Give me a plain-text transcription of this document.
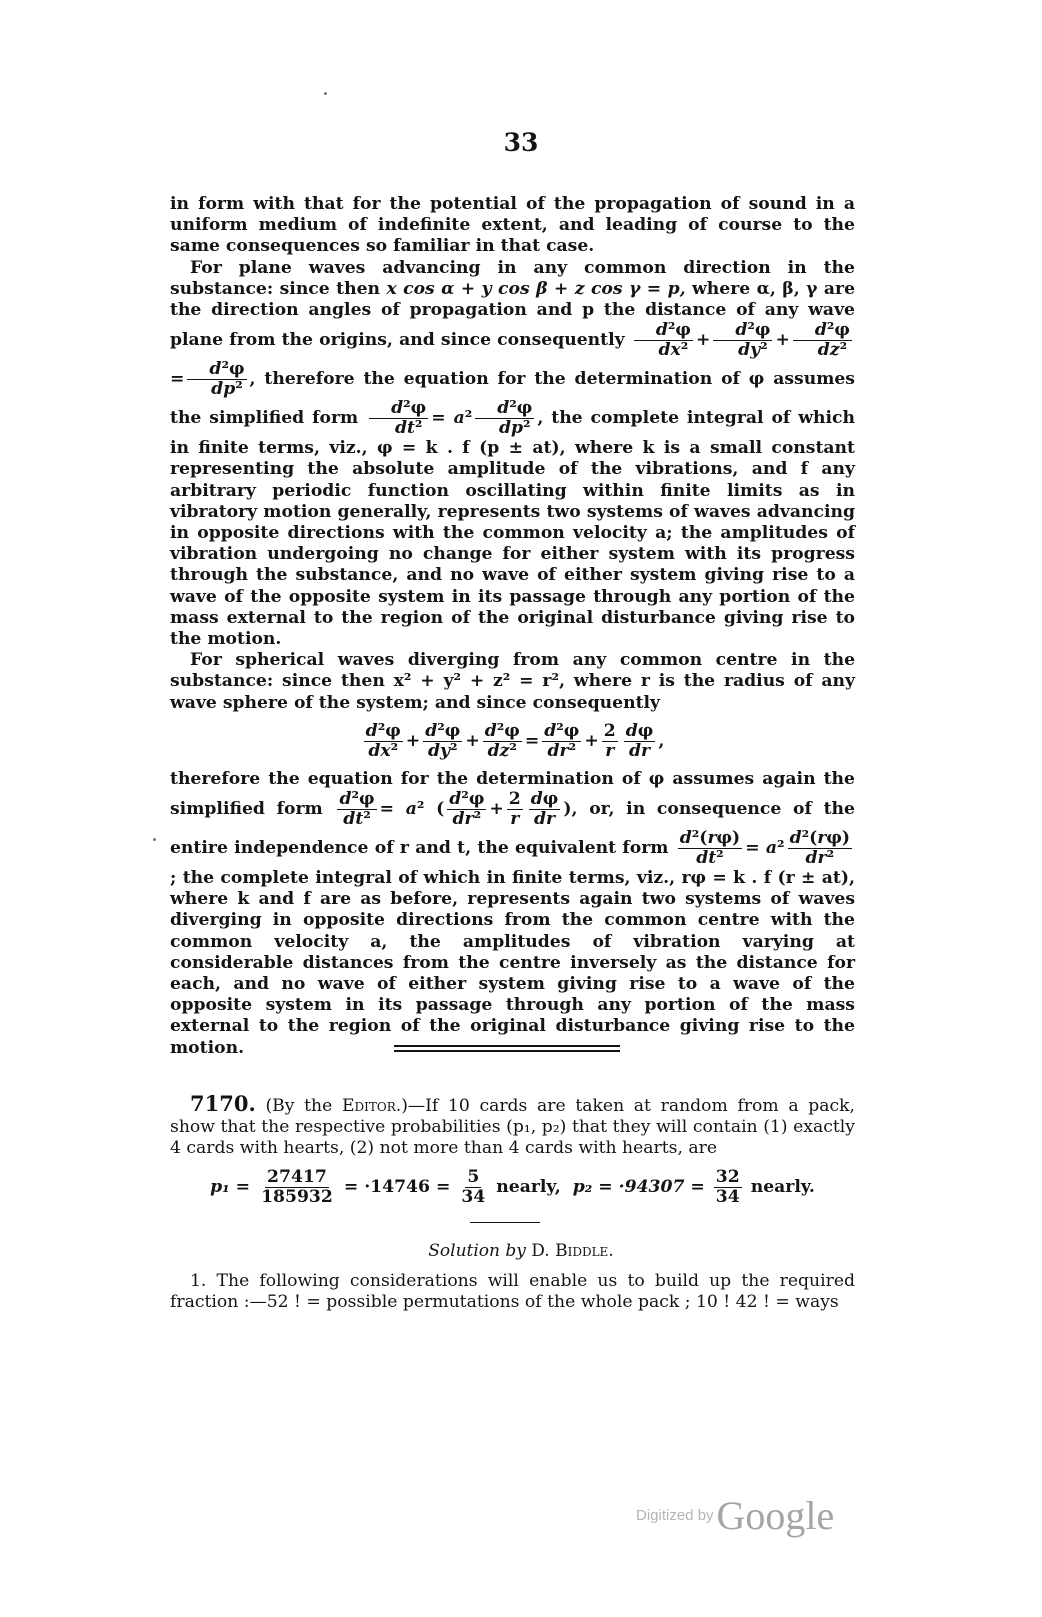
33

in form with that for the potential of the propagation of sound in a uniform medium of indefinite extent, and leading of course to the same consequences so familiar in that case.

For plane waves advancing in any common direction in the substance: since then x cos α + y cos β + z cos γ = p, where α, β, γ are the direction angles of propagation and p the distance of any wave plane from the origins, and since consequently $\frac{\text{d²φ}}{\text{dx²}} + \frac{\text{d²φ}}{\text{dy²}} + \frac{\text{d²φ}}{\text{dz²}}$
= $\frac{\text{d²φ}}{\text{dp²}}$ , therefore the equation for the determination of φ assumes the simplified form $\frac{\text{d²φ}}{\text{dt²}} = a^2 \frac{\text{d²φ}}{\text{dp²}}$ , the complete integral of which in finite terms, viz., φ = k . f (p ± at), where k is a small constant representing the absolute amplitude of the vibrations, and f any arbitrary periodic function oscillating within finite limits as in vibratory motion generally, represents two systems of waves advancing in opposite directions with the common velocity a; the amplitudes of vibration undergoing no change for either system with its progress through the substance, and no wave of either system giving rise to a wave of the opposite system in its passage through any portion of the mass external to the region of the original disturbance giving rise to the motion.

For spherical waves diverging from any common centre in the substance: since then x² + y² + z² = r², where r is the radius of any wave sphere of the system; and since consequently

$\frac{\text{d²φ}}{\text{dx²}} + \frac{\text{d²φ}}{\text{dy²}} + \frac{\text{d²φ}}{\text{dz²}} = \frac{\text{d²φ}}{\text{dr²}} + \frac{2}{r} \frac{d\varphi}{dr}$ ,

therefore the equation for the determination of φ assumes again the simplified form $\frac{\text{d²φ}}{\text{dt²}} = a^2$ ( $\frac{\text{d²φ}}{\text{dr²}} + \frac{2}{r} \frac{d\varphi}{dr}$ ), or, in consequence of the entire independence of r and t, the equivalent form $\frac{\text{d²(rφ)}}{\text{dt²}} = a^2 \frac{\text{d²(rφ)}}{\text{dr²}}$
; the complete integral of which in finite terms, viz., rφ = k . f (r ± at), where k and f are as before, represents again two systems of waves diverging in opposite directions from the common centre with the common velocity a, the amplitudes of vibration varying at considerable distances from the centre inversely as the distance for each, and no wave of either system giving rise to a wave of the opposite system in its passage through any portion of the mass external to the region of the original disturbance giving rise to the motion.

7170. (By the Editor.)—If 10 cards are taken at random from a pack, show that the respective probabilities (p₁, p₂) that they will contain (1) exactly 4 cards with hearts, (2) not more than 4 cards with hearts, are

$p_1 = \frac{27417}{185932} = \cdot 14746 = \frac{5}{34}$ nearly, $p_2 = \cdot 94307 = \frac{32}{34}$ nearly.
Solution by D. Biddle.

1. The following considerations will enable us to build up the required fraction :—52 ! = possible permutations of the whole pack ; 10 ! 42 ! = ways

Digitized byGoogle
